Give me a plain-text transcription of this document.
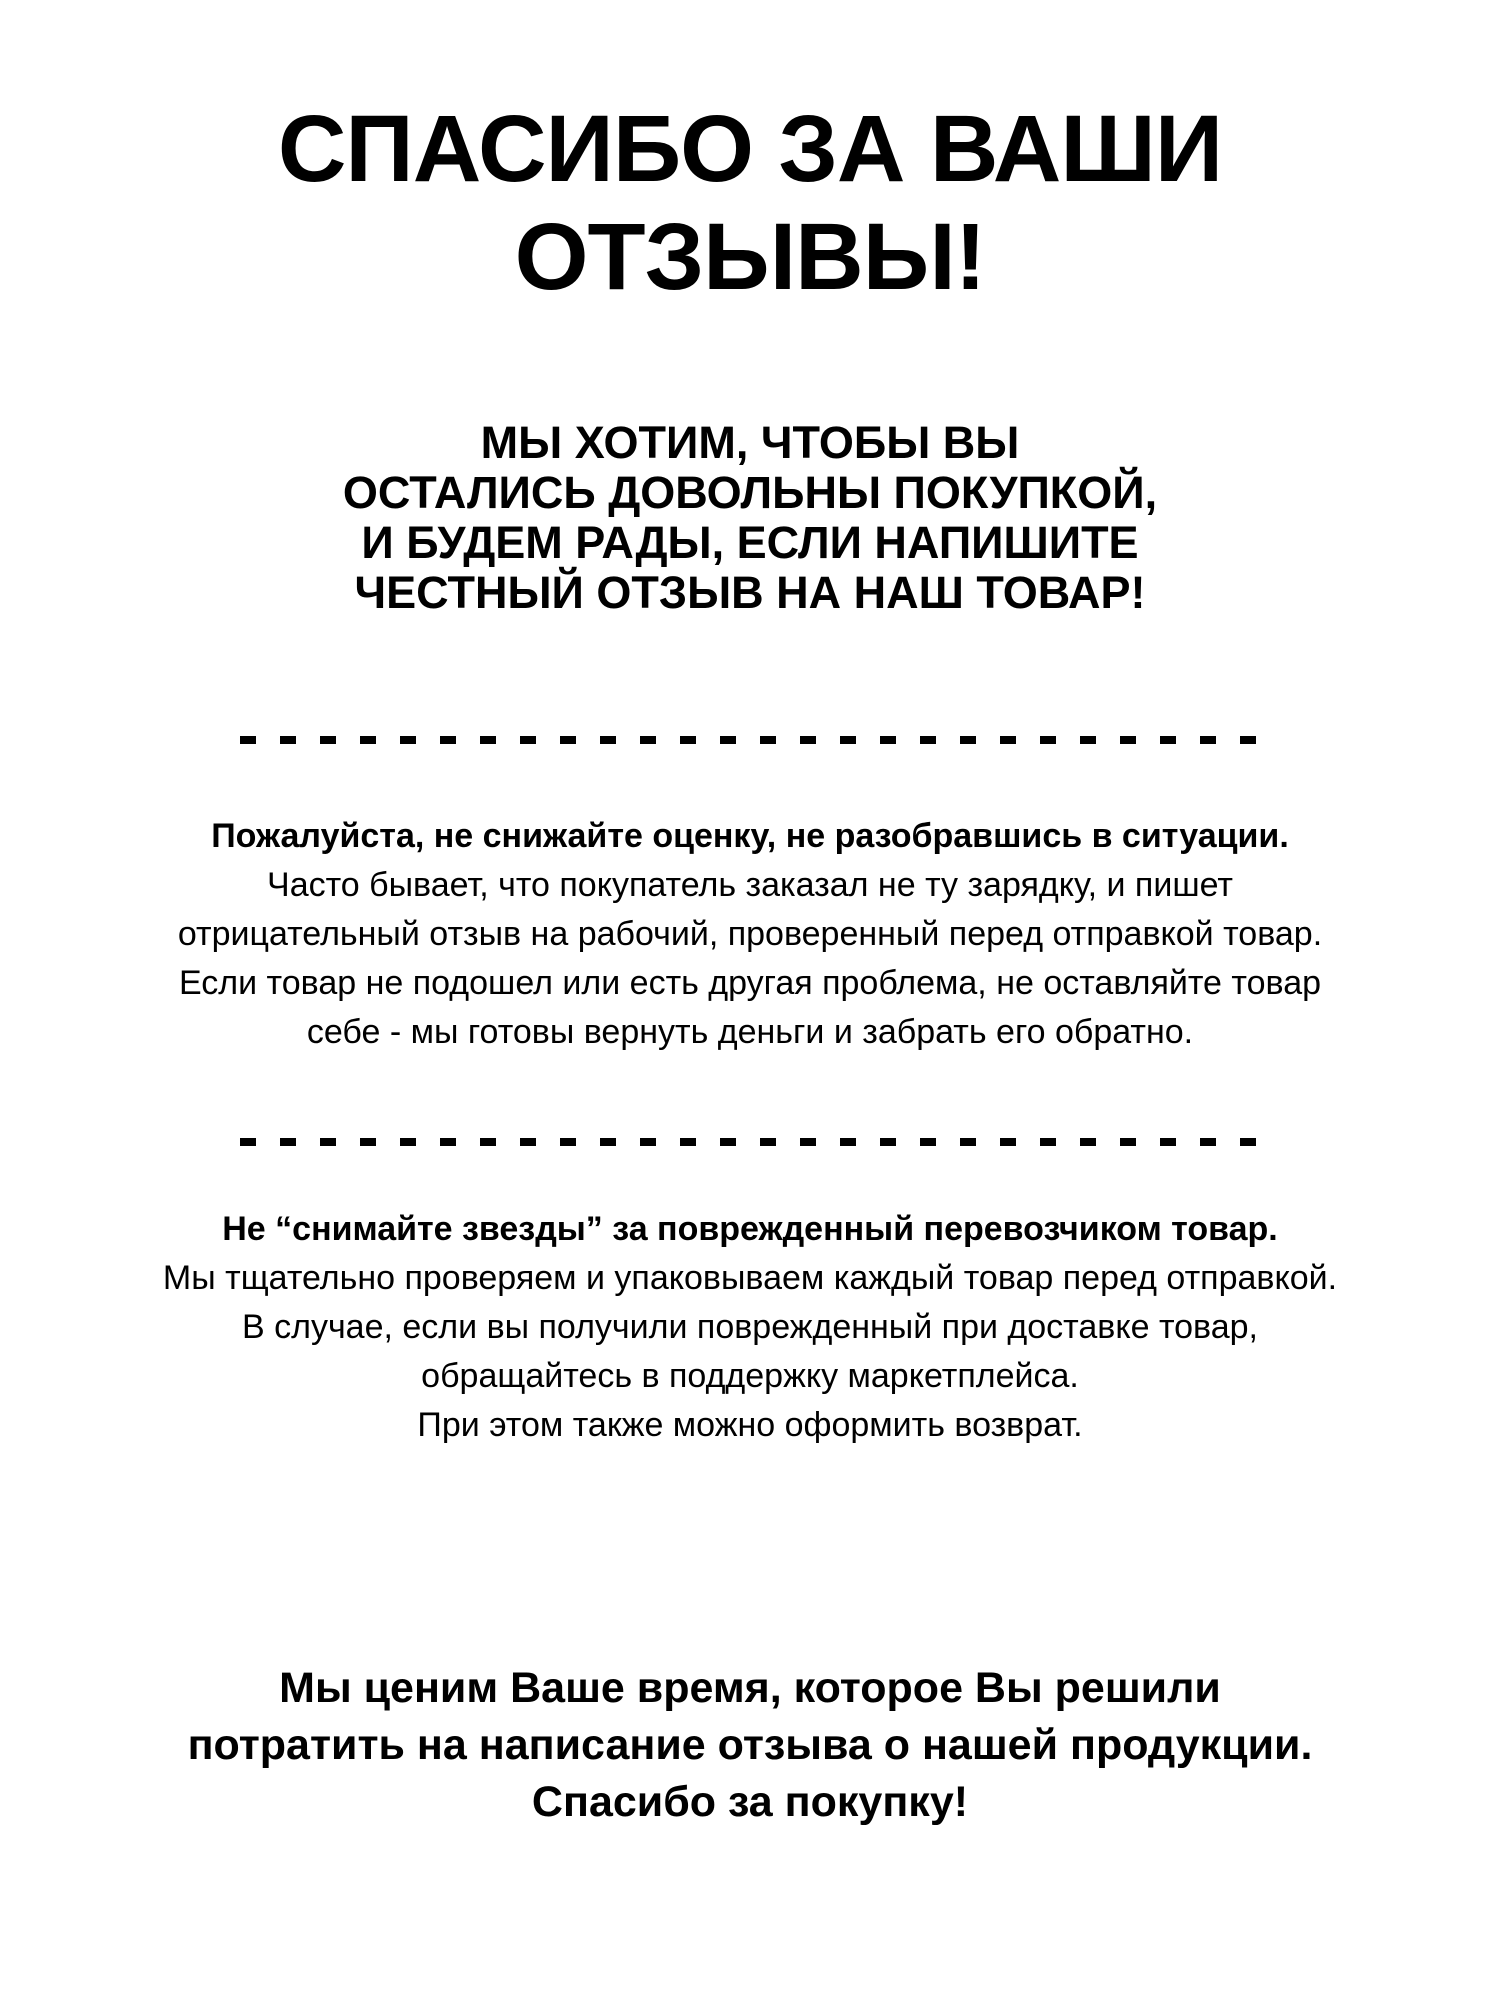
СПАСИБО ЗА ВАШИ
ОТЗЫВЫ!
МЫ ХОТИМ, ЧТОБЫ ВЫ
ОСТАЛИСЬ ДОВОЛЬНЫ ПОКУПКОЙ,
И БУДЕМ РАДЫ, ЕСЛИ НАПИШИТЕ
ЧЕСТНЫЙ ОТЗЫВ НА НАШ ТОВАР!
Пожалуйста, не снижайте оценку, не разобравшись в ситуации.
Часто бывает, что покупатель заказал не ту зарядку, и пишет
отрицательный отзыв на рабочий, проверенный перед отправкой товар.
Если товар не подошел или есть другая проблема, не оставляйте товар
себе - мы готовы вернуть деньги и забрать его обратно.
Не “снимайте звезды” за поврежденный перевозчиком товар.
Мы тщательно проверяем и упаковываем каждый товар перед отправкой.
В случае, если вы получили поврежденный при доставке товар,
обращайтесь в поддержку маркетплейса.
При этом также можно оформить возврат.
Мы ценим Ваше время, которое Вы решили
потратить на написание отзыва о нашей продукции.
Спасибо за покупку!
